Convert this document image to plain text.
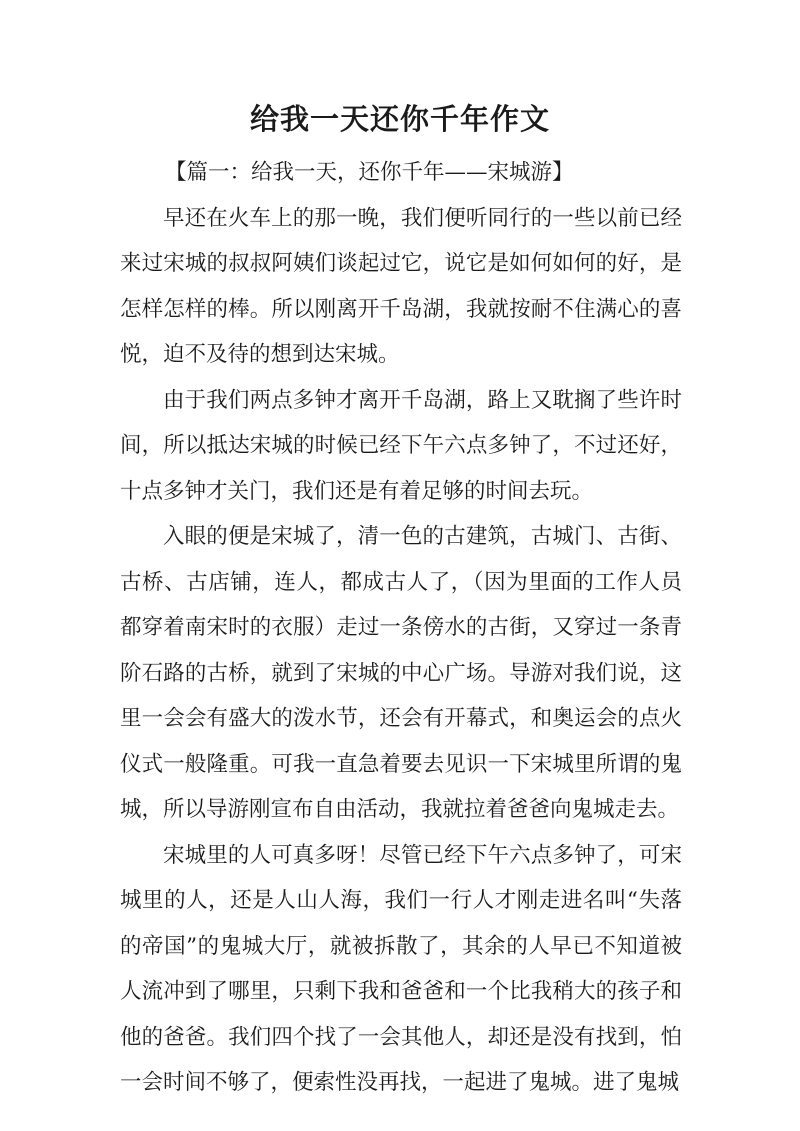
给我一天还你千年作文

【篇一：给我一天，还你千年——宋城游】

早还在火车上的那一晚，我们便听同行的一些以前已经来过宋城的叔叔阿姨们谈起过它，说它是如何如何的好，是怎样怎样的棒。所以刚离开千岛湖，我就按耐不住满心的喜悦，迫不及待的想到达宋城。

由于我们两点多钟才离开千岛湖，路上又耽搁了些许时间，所以抵达宋城的时候已经下午六点多钟了，不过还好，十点多钟才关门，我们还是有着足够的时间去玩。

入眼的便是宋城了，清一色的古建筑，古城门、古街、古桥、古店铺，连人，都成古人了，（因为里面的工作人员都穿着南宋时的衣服）走过一条傍水的古街，又穿过一条青阶石路的古桥，就到了宋城的中心广场。导游对我们说，这里一会会有盛大的泼水节，还会有开幕式，和奥运会的点火仪式一般隆重。可我一直急着要去见识一下宋城里所谓的鬼城，所以导游刚宣布自由活动，我就拉着爸爸向鬼城走去。

宋城里的人可真多呀！尽管已经下午六点多钟了，可宋城里的人，还是人山人海，我们一行人才刚走进名叫“失落的帝国”的鬼城大厅，就被拆散了，其余的人早已不知道被人流冲到了哪里，只剩下我和爸爸和一个比我稍大的孩子和他的爸爸。我们四个找了一会其他人，却还是没有找到，怕一会时间不够了，便索性没再找，一起进了鬼城。进了鬼城
